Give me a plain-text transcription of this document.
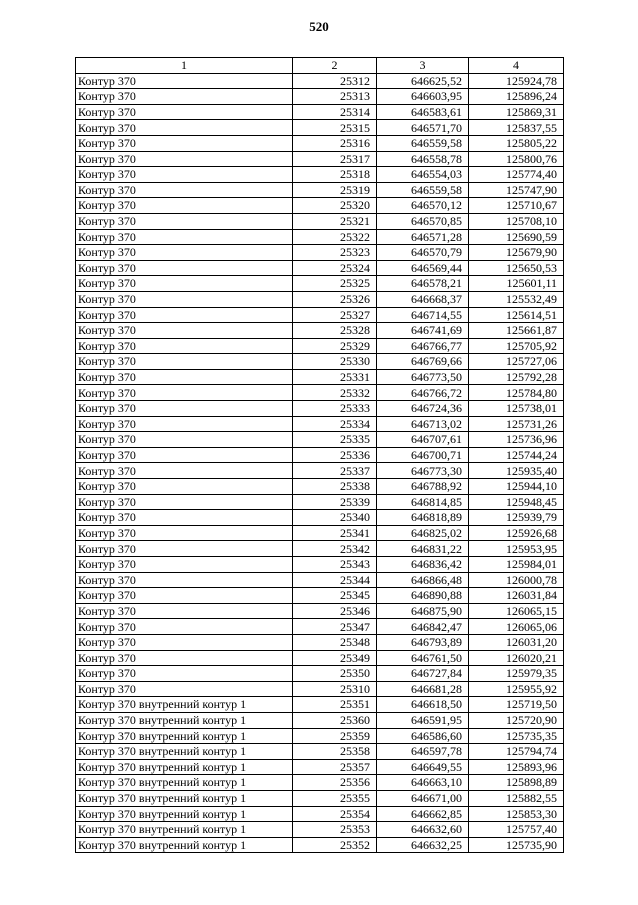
520
1	2	3	4
Контур 370	25312	646625,52	125924,78
Контур 370	25313	646603,95	125896,24
Контур 370	25314	646583,61	125869,31
Контур 370	25315	646571,70	125837,55
Контур 370	25316	646559,58	125805,22
Контур 370	25317	646558,78	125800,76
Контур 370	25318	646554,03	125774,40
Контур 370	25319	646559,58	125747,90
Контур 370	25320	646570,12	125710,67
Контур 370	25321	646570,85	125708,10
Контур 370	25322	646571,28	125690,59
Контур 370	25323	646570,79	125679,90
Контур 370	25324	646569,44	125650,53
Контур 370	25325	646578,21	125601,11
Контур 370	25326	646668,37	125532,49
Контур 370	25327	646714,55	125614,51
Контур 370	25328	646741,69	125661,87
Контур 370	25329	646766,77	125705,92
Контур 370	25330	646769,66	125727,06
Контур 370	25331	646773,50	125792,28
Контур 370	25332	646766,72	125784,80
Контур 370	25333	646724,36	125738,01
Контур 370	25334	646713,02	125731,26
Контур 370	25335	646707,61	125736,96
Контур 370	25336	646700,71	125744,24
Контур 370	25337	646773,30	125935,40
Контур 370	25338	646788,92	125944,10
Контур 370	25339	646814,85	125948,45
Контур 370	25340	646818,89	125939,79
Контур 370	25341	646825,02	125926,68
Контур 370	25342	646831,22	125953,95
Контур 370	25343	646836,42	125984,01
Контур 370	25344	646866,48	126000,78
Контур 370	25345	646890,88	126031,84
Контур 370	25346	646875,90	126065,15
Контур 370	25347	646842,47	126065,06
Контур 370	25348	646793,89	126031,20
Контур 370	25349	646761,50	126020,21
Контур 370	25350	646727,84	125979,35
Контур 370	25310	646681,28	125955,92
Контур 370 внутренний контур 1	25351	646618,50	125719,50
Контур 370 внутренний контур 1	25360	646591,95	125720,90
Контур 370 внутренний контур 1	25359	646586,60	125735,35
Контур 370 внутренний контур 1	25358	646597,78	125794,74
Контур 370 внутренний контур 1	25357	646649,55	125893,96
Контур 370 внутренний контур 1	25356	646663,10	125898,89
Контур 370 внутренний контур 1	25355	646671,00	125882,55
Контур 370 внутренний контур 1	25354	646662,85	125853,30
Контур 370 внутренний контур 1	25353	646632,60	125757,40
Контур 370 внутренний контур 1	25352	646632,25	125735,90
